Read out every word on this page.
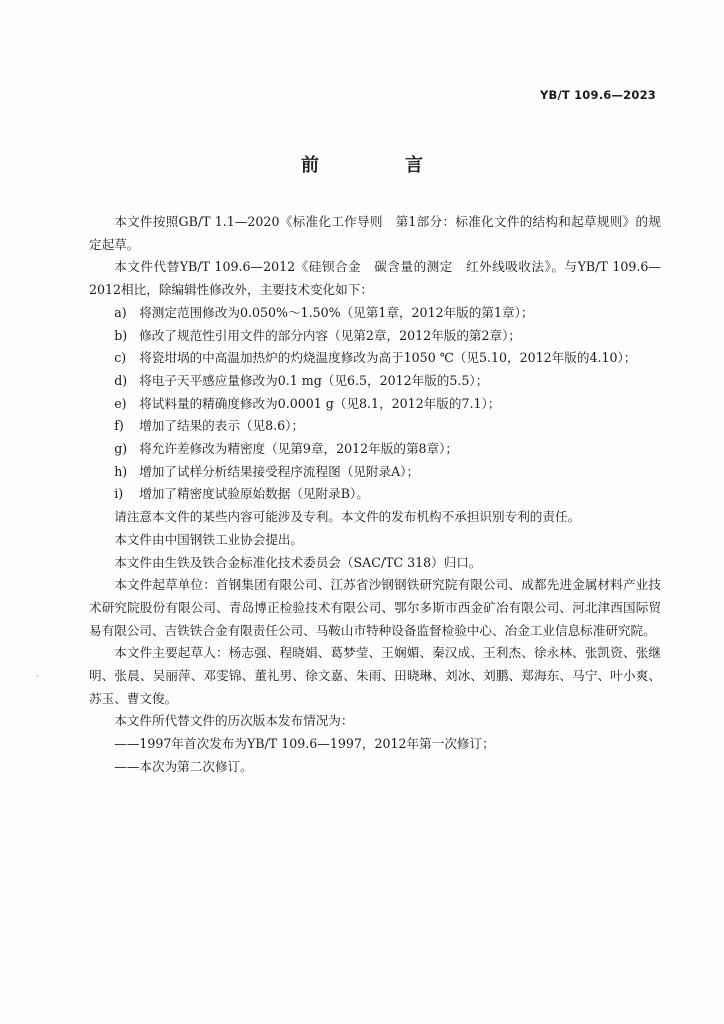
YB/T 109.6—2023
前　言

本文件按照GB/T 1.1—2020《标准化工作导则　第1部分：标准化文件的结构和起草规则》的规定起草。

本文件代替YB/T 109.6—2012《硅钡合金　碳含量的测定　红外线吸收法》。与YB/T 109.6—2012相比，除编辑性修改外，主要技术变化如下：

a) 将测定范围修改为0.050%～1.50%（见第1章，2012年版的第1章）；

b) 修改了规范性引用文件的部分内容（见第2章，2012年版的第2章）；

c) 将瓷坩埚的中高温加热炉的灼烧温度修改为高于1050 ℃（见5.10，2012年版的4.10）；

d) 将电子天平感应量修改为0.1 mg（见6.5，2012年版的5.5）；

e) 将试料量的精确度修改为0.0001 g（见8.1，2012年版的7.1）；

f) 增加了结果的表示（见8.6）；

g) 将允许差修改为精密度（见第9章，2012年版的第8章）；

h) 增加了试样分析结果接受程序流程图（见附录A）；

i) 增加了精密度试验原始数据（见附录B）。

请注意本文件的某些内容可能涉及专利。本文件的发布机构不承担识别专利的责任。

本文件由中国钢铁工业协会提出。

本文件由生铁及铁合金标准化技术委员会（SAC/TC 318）归口。

本文件起草单位：首钢集团有限公司、江苏省沙钢钢铁研究院有限公司、成都先进金属材料产业技术研究院股份有限公司、青岛博正检验技术有限公司、鄂尔多斯市西金矿冶有限公司、河北津西国际贸易有限公司、吉铁铁合金有限责任公司、马鞍山市特种设备监督检验中心、冶金工业信息标准研究院。

本文件主要起草人：杨志强、程晓娟、葛梦莹、王娴媚、秦汉成、王利杰、徐永林、张凯资、张继明、张晨、吴丽萍、邓雯锦、董礼男、徐文嘉、朱雨、田晓琳、刘冰、刘鹏、郑海东、马宁、叶小爽、苏玉、曹文俊。

本文件所代替文件的历次版本发布情况为：

——1997年首次发布为YB/T 109.6—1997，2012年第一次修订；

——本次为第二次修订。
